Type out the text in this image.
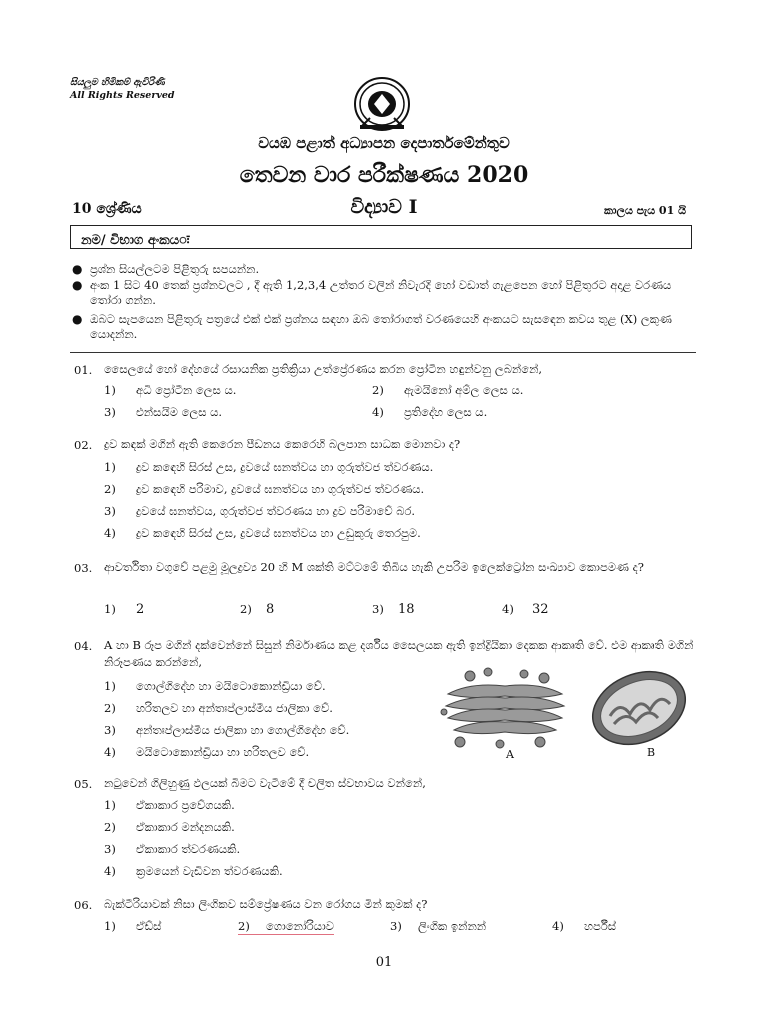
සියලුම හිමිකම් ඇවිරිණි
All Rights Reserved
වයඹ පළාත් අධ්‍යාපන දෙපාර්තමේන්තුව
තෙවන වාර පරීක්ෂණය 2020
10 ශ්‍රේණිය	විද්‍යාව I	කාලය පැය 01 යි
නම/ විභාග අංකයः
● ප්‍රශ්න සියල්ලටම පිළිතුරු සපයන්න.
● අංක 1 සිට 40 තෙක් ප්‍රශ්නවලට , දී ඇති 1,2,3,4 උත්තර වලින් නිවැරදි හෝ වඩාත් ගැළපෙන හෝ පිළිතුරට අදාළ වරණය තෝරා ගන්න.
● ඔබට සැපයෙන පිළිතුරු පත්‍රයේ එක් එක් ප්‍රශ්නය සඳහා ඔබ තෝරාගත් වරණයෙහි අංකයට සැසඳෙන කවය තුළ (X) ලකුණ යොදන්න.
01. සෛලයේ හෝ දේහයේ රසායනික ප්‍රතික්‍රියා උත්ප්‍රේරණය කරන ප්‍රෝටීන හඳුන්වනු ලබන්නේ,
1) අධි ප්‍රෝටීන ලෙස ය.	2) ඇමයිනෝ අම්ල ලෙස ය.
3) එන්සයිම ලෙස ය.	4) ප්‍රතිදේහ ලෙස ය.
02. ද්‍රව කඳක් මගින් ඇති කෙරෙන පීඩනය කෙරෙහි බලපාන සාධක මොනවා ද?
1) ද්‍රව කඳෙහි සිරස් උස, ද්‍රවයේ ඝනත්වය හා ගුරුත්වජ ත්වරණය.
2) ද්‍රව කඳෙහි පරිමාව, ද්‍රවයේ ඝනත්වය හා ගුරුත්වජ ත්වරණය.
3) ද්‍රවයේ ඝනත්වය, ගුරුත්වජ ත්වරණය හා ද්‍රව පරිමාවේ බර.
4) ද්‍රව කඳෙහි සිරස් උස, ද්‍රවයේ ඝනත්වය හා උඩුකුරු තෙරපුම.
03. ආවර්තිතා වගුවේ පළමු මූලද්‍රව්‍ය 20 හි M ශක්ති මට්ටමේ තිබිය හැකි උපරිම ඉලෙක්ට්‍රෝන සංඛ්‍යාව කොපමණ ද?
1) 2	2) 8	3) 18	4) 32
04. A හා B රූප මගින් දක්වෙන්නේ සිසුන් නිර්මාණය කළ දර්ශීය සෛලයක ඇති ඉන්ද්‍රියිකා දෙකක ආකෘති වේ. එම ආකෘති මගින් නිරූපණය කරන්නේ,
1) ගොල්ගිදේහ හා මයිටොකොන්ඩ්‍රියා වේ.
2) හරිතලව හා අන්තඃප්ලාස්මීය ජාලිකා වේ.
3) අන්තඃප්ලාස්මීය ජාලිකා හා ගොල්ගිදේහ වේ.
4) මයිටොකොන්ඩ්‍රියා හා හරිතලව වේ.	A	B
05. නටුවෙන් ගිලිහුණු ඵලයක් බිමට වැටීමේ දී චලිත ස්වභාවය වන්නේ,
1) ඒකාකාර ප්‍රවේගයකි.
2) ඒකාකාර මන්දනයකි.
3) ඒකාකාර ත්වරණයකි.
4) ක්‍රමයෙන් වැඩිවන ත්වරණයකි.
06. බැක්ටීරියාවක් නිසා ලිංගිකව සම්ප්‍රේෂණය වන රෝගය මින් කුමක් ද?
1) ඒඩ්ස්	2) ගොනෝරියාව	3) ලිංගික ඉන්නන්	4) හර්පීස්
01
